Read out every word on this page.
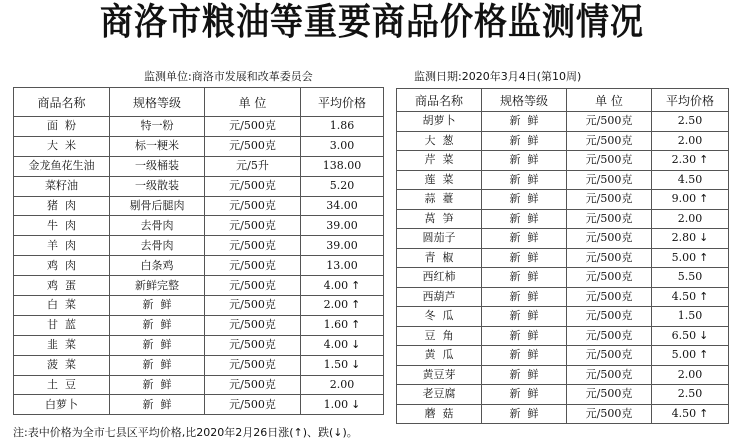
商洛市粮油等重要商品价格监测情况
监测单位:商洛市发展和改革委员会	监测日期:2020年3月4日(第10周)
商品名称	规格等级	单 位	平均价格
面  粉	特一粉	元/500克	1.86
大  米	标一粳米	元/500克	3.00
金龙鱼花生油	一级桶装	元/5升	138.00
菜籽油	一级散装	元/500克	5.20
猪  肉	剔骨后腿肉	元/500克	34.00
牛  肉	去骨肉	元/500克	39.00
羊  肉	去骨肉	元/500克	39.00
鸡  肉	白条鸡	元/500克	13.00
鸡  蛋	新鲜完整	元/500克	4.00 ↑
白  菜	新  鲜	元/500克	2.00 ↑
甘  蓝	新  鲜	元/500克	1.60 ↑
韭  菜	新  鲜	元/500克	4.00 ↓
菠  菜	新  鲜	元/500克	1.50 ↓
土  豆	新  鲜	元/500克	2.00
白萝卜	新  鲜	元/500克	1.00 ↓
商品名称	规格等级	单 位	平均价格
胡萝卜	新  鲜	元/500克	2.50
大  葱	新  鲜	元/500克	2.00
芹  菜	新  鲜	元/500克	2.30 ↑
莲  菜	新  鲜	元/500克	4.50
蒜  薹	新  鲜	元/500克	9.00 ↑
莴  笋	新  鲜	元/500克	2.00
圆茄子	新  鲜	元/500克	2.80 ↓
青  椒	新  鲜	元/500克	5.00 ↑
西红柿	新  鲜	元/500克	5.50
西葫芦	新  鲜	元/500克	4.50 ↑
冬  瓜	新  鲜	元/500克	1.50
豆  角	新  鲜	元/500克	6.50 ↓
黄  瓜	新  鲜	元/500克	5.00 ↑
黄豆芽	新  鲜	元/500克	2.00
老豆腐	新  鲜	元/500克	2.50
蘑  菇	新  鲜	元/500克	4.50 ↑
注:表中价格为全市七县区平均价格,比2020年2月26日涨(↑)、跌(↓)。
